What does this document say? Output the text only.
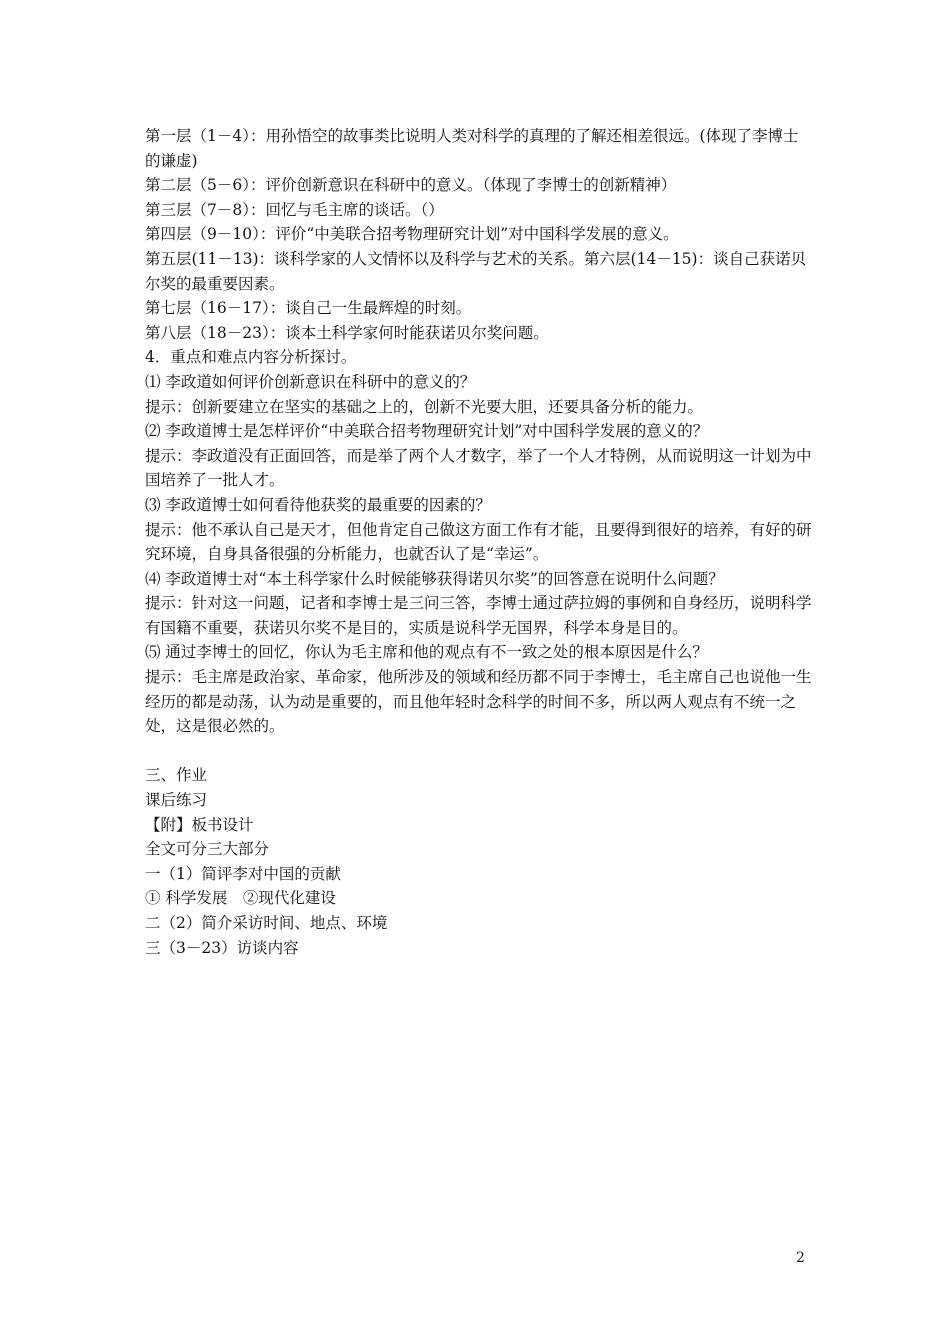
第一层（1－4）：用孙悟空的故事类比说明人类对科学的真理的了解还相差很远。(体现了李博士的谦虚)
第二层（5－6）：评价创新意识在科研中的意义。（体现了李博士的创新精神）
第三层（7－8）：回忆与毛主席的谈话。（）
第四层（9－10）：评价“中美联合招考物理研究计划”对中国科学发展的意义。
第五层(11－13)：谈科学家的人文情怀以及科学与艺术的关系。第六层(14－15)：谈自己获诺贝尔奖的最重要因素。
第七层（16－17）：谈自己一生最辉煌的时刻。
第八层（18－23）：谈本土科学家何时能获诺贝尔奖问题。
4．重点和难点内容分析探讨。
⑴ 李政道如何评价创新意识在科研中的意义的？
提示：创新要建立在坚实的基础之上的，创新不光要大胆，还要具备分析的能力。
⑵ 李政道博士是怎样评价“中美联合招考物理研究计划”对中国科学发展的意义的？
提示：李政道没有正面回答，而是举了两个人才数字，举了一个人才特例，从而说明这一计划为中国培养了一批人才。
⑶ 李政道博士如何看待他获奖的最重要的因素的？
提示：他不承认自己是天才，但他肯定自己做这方面工作有才能，且要得到很好的培养，有好的研究环境，自身具备很强的分析能力，也就否认了是“幸运”。
⑷ 李政道博士对“本土科学家什么时候能够获得诺贝尔奖”的回答意在说明什么问题？
提示：针对这一问题，记者和李博士是三问三答，李博士通过萨拉姆的事例和自身经历，说明科学有国籍不重要，获诺贝尔奖不是目的，实质是说科学无国界，科学本身是目的。
⑸ 通过李博士的回忆，你认为毛主席和他的观点有不一致之处的根本原因是什么？
提示：毛主席是政治家、革命家，他所涉及的领域和经历都不同于李博士，毛主席自己也说他一生经历的都是动荡，认为动是重要的，而且他年轻时念科学的时间不多，所以两人观点有不统一之处，这是很必然的。
三、作业
课后练习
【附】板书设计
全文可分三大部分
一（1）简评李对中国的贡献
① 科学发展　②现代化建设
二（2）简介采访时间、地点、环境
三（3－23）访谈内容
2
